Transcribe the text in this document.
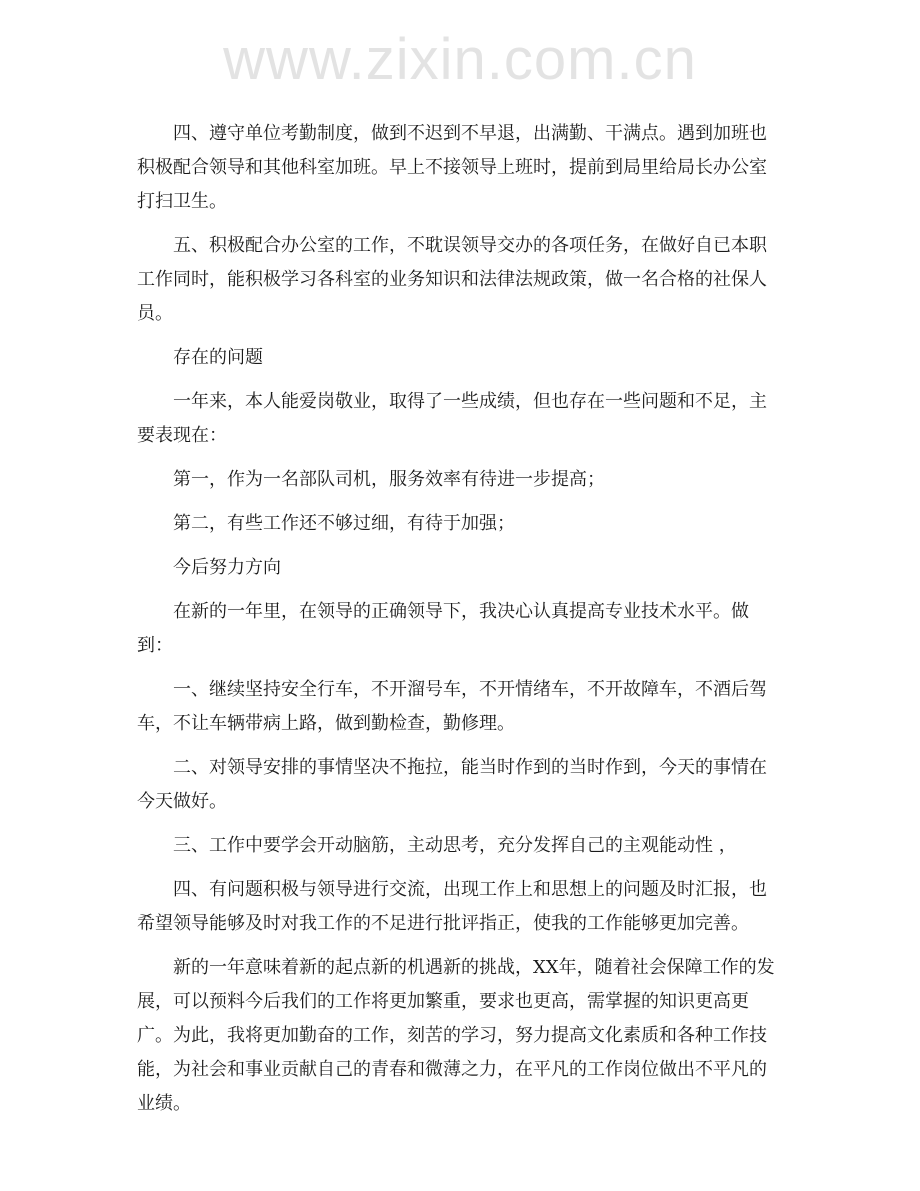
www.zixin.com.cn
四、遵守单位考勤制度，做到不迟到不早退，出满勤、干满点。遇到加班也
积极配合领导和其他科室加班。早上不接领导上班时，提前到局里给局长办公室
打扫卫生。
五、积极配合办公室的工作，不耽误领导交办的各项任务，在做好自已本职
工作同时，能积极学习各科室的业务知识和法律法规政策，做一名合格的社保人
员。
存在的问题
一年来，本人能爱岗敬业，取得了一些成绩，但也存在一些问题和不足，主
要表现在：
第一，作为一名部队司机，服务效率有待进一步提高；
第二，有些工作还不够过细，有待于加强；
今后努力方向
在新的一年里，在领导的正确领导下，我决心认真提高专业技术水平。做
到：
一、继续坚持安全行车，不开溜号车，不开情绪车，不开故障车，不酒后驾
车，不让车辆带病上路，做到勤检查，勤修理。
二、对领导安排的事情坚决不拖拉，能当时作到的当时作到，今天的事情在
今天做好。
三、工作中要学会开动脑筋，主动思考，充分发挥自己的主观能动性 ，
四、有问题积极与领导进行交流，出现工作上和思想上的问题及时汇报，也
希望领导能够及时对我工作的不足进行批评指正，使我的工作能够更加完善。
新的一年意味着新的起点新的机遇新的挑战，XX年，随着社会保障工作的发
展，可以预料今后我们的工作将更加繁重，要求也更高，需掌握的知识更高更
广。为此，我将更加勤奋的工作，刻苦的学习，努力提高文化素质和各种工作技
能，为社会和事业贡献自己的青春和微薄之力，在平凡的工作岗位做出不平凡的
业绩。
